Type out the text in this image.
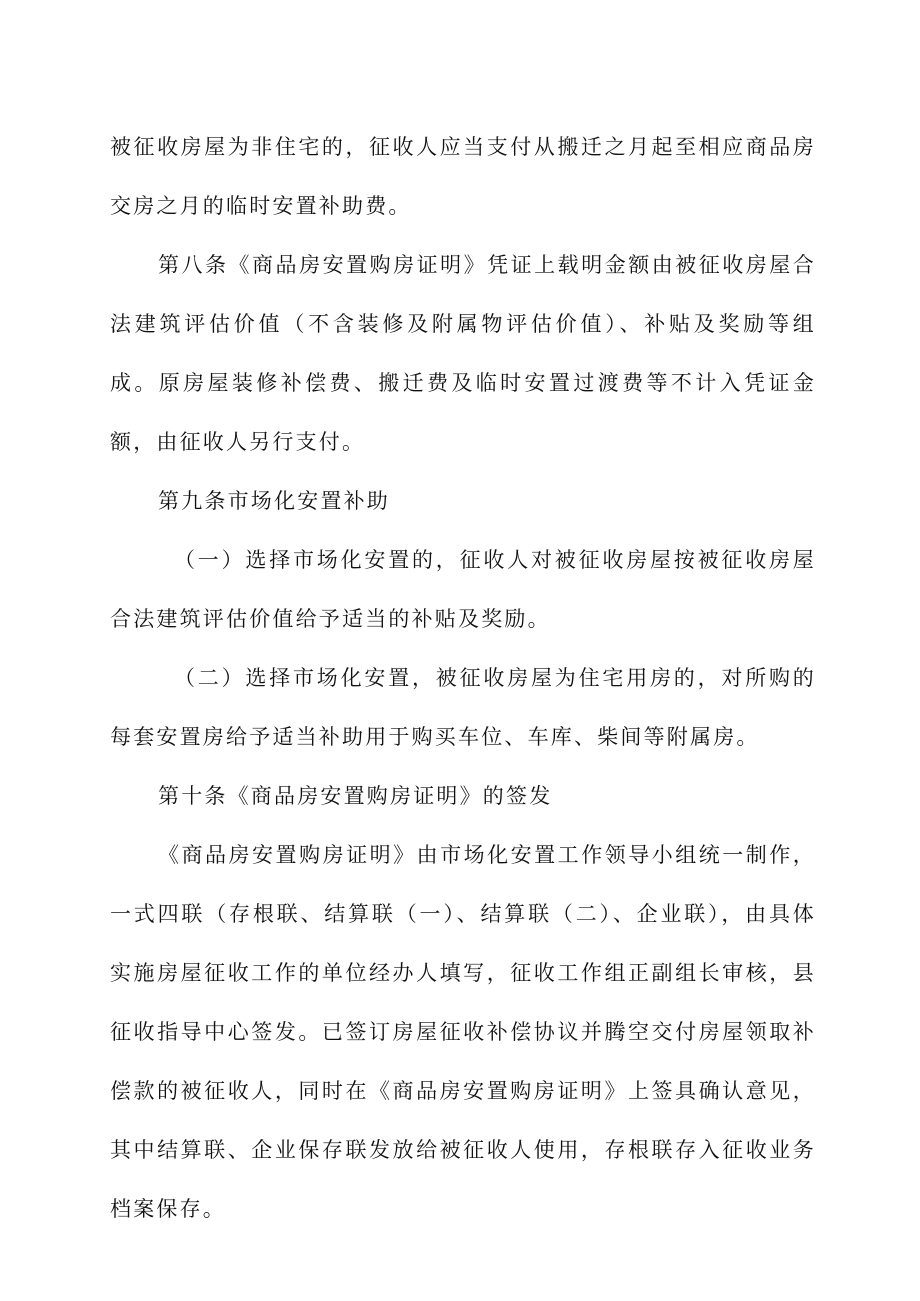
被征收房屋为非住宅的，征收人应当支付从搬迁之月起至相应商品房交房之月的临时安置补助费。

第八条《商品房安置购房证明》凭证上载明金额由被征收房屋合法建筑评估价值（不含装修及附属物评估价值）、补贴及奖励等组成。原房屋装修补偿费、搬迁费及临时安置过渡费等不计入凭证金额，由征收人另行支付。

第九条市场化安置补助

（一）选择市场化安置的，征收人对被征收房屋按被征收房屋合法建筑评估价值给予适当的补贴及奖励。

（二）选择市场化安置，被征收房屋为住宅用房的，对所购的每套安置房给予适当补助用于购买车位、车库、柴间等附属房。

第十条《商品房安置购房证明》的签发

《商品房安置购房证明》由市场化安置工作领导小组统一制作，一式四联（存根联、结算联（一）、结算联（二）、企业联），由具体实施房屋征收工作的单位经办人填写，征收工作组正副组长审核，县征收指导中心签发。已签订房屋征收补偿协议并腾空交付房屋领取补偿款的被征收人，同时在《商品房安置购房证明》上签具确认意见，其中结算联、企业保存联发放给被征收人使用，存根联存入征收业务档案保存。
